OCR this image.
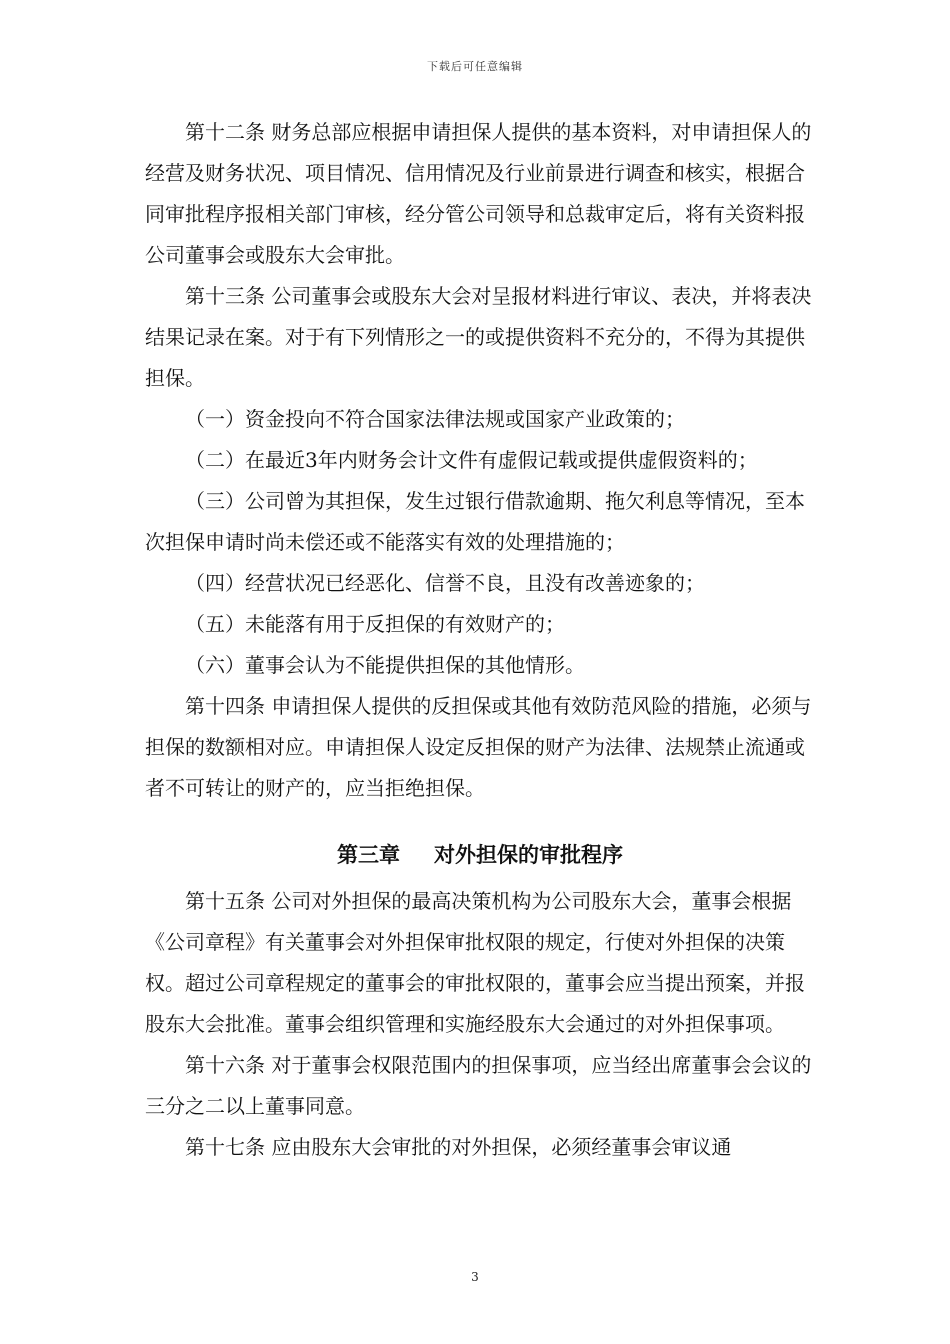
下载后可任意编辑

第十二条 财务总部应根据申请担保人提供的基本资料，对申请担保人的经营及财务状况、项目情况、信用情况及行业前景进行调查和核实，根据合同审批程序报相关部门审核，经分管公司领导和总裁审定后，将有关资料报公司董事会或股东大会审批。

第十三条 公司董事会或股东大会对呈报材料进行审议、表决，并将表决结果记录在案。对于有下列情形之一的或提供资料不充分的，不得为其提供担保。

（一）资金投向不符合国家法律法规或国家产业政策的；

（二）在最近3年内财务会计文件有虚假记载或提供虚假资料的；

（三）公司曾为其担保，发生过银行借款逾期、拖欠利息等情况，至本次担保申请时尚未偿还或不能落实有效的处理措施的；

（四）经营状况已经恶化、信誉不良，且没有改善迹象的；

（五）未能落有用于反担保的有效财产的；

（六）董事会认为不能提供担保的其他情形。

第十四条 申请担保人提供的反担保或其他有效防范风险的措施，必须与担保的数额相对应。申请担保人设定反担保的财产为法律、法规禁止流通或者不可转让的财产的，应当拒绝担保。

第三章 对外担保的审批程序

第十五条 公司对外担保的最高决策机构为公司股东大会，董事会根据《公司章程》有关董事会对外担保审批权限的规定，行使对外担保的决策权。超过公司章程规定的董事会的审批权限的，董事会应当提出预案，并报股东大会批准。董事会组织管理和实施经股东大会通过的对外担保事项。

第十六条 对于董事会权限范围内的担保事项，应当经出席董事会会议的三分之二以上董事同意。

第十七条 应由股东大会审批的对外担保，必须经董事会审议通

3
